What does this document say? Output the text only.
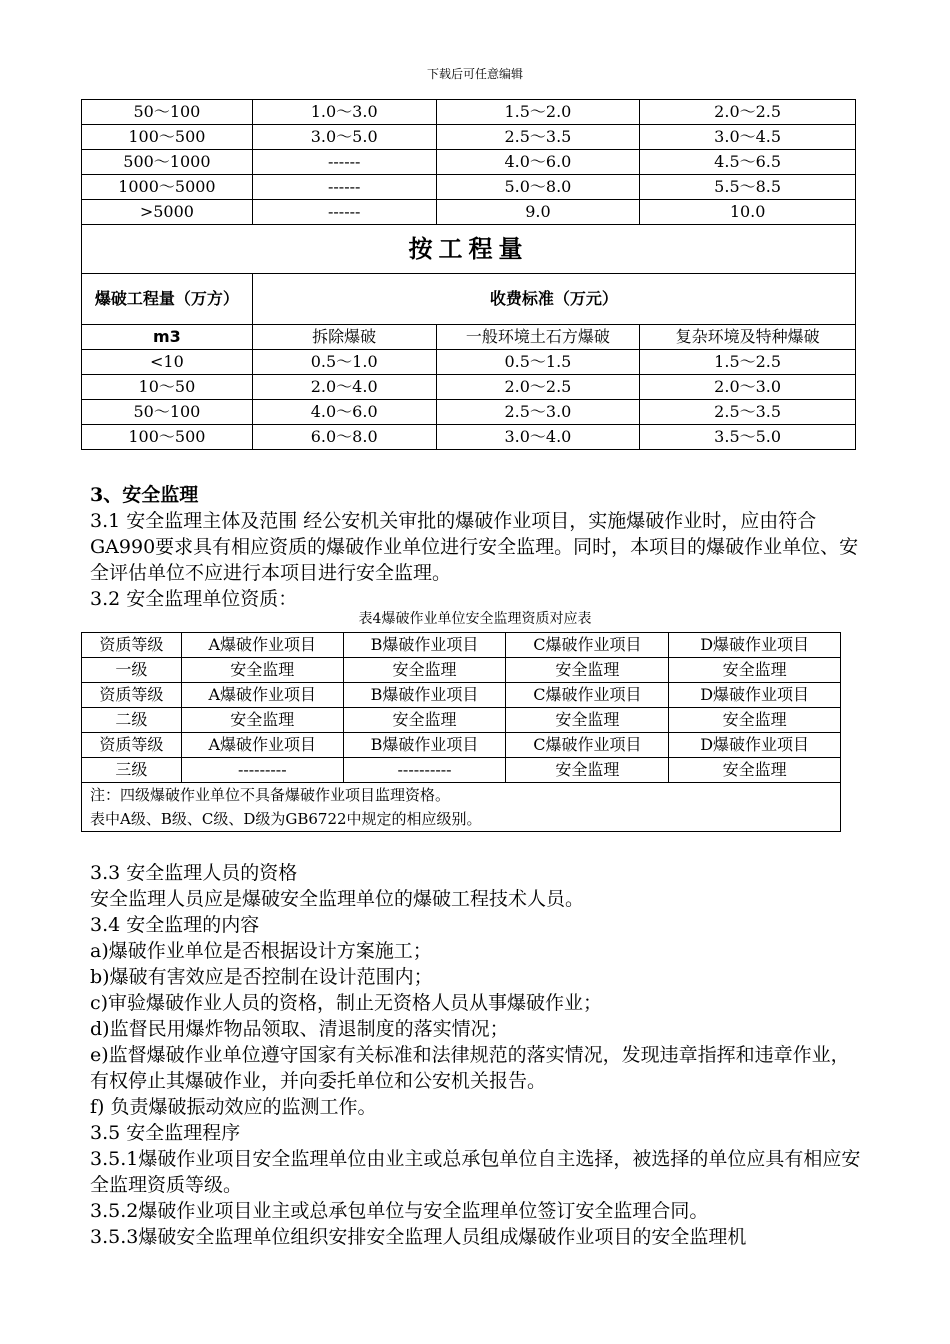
下载后可任意编辑
50～100	1.0～3.0	1.5～2.0	2.0～2.5
100～500	3.0～5.0	2.5～3.5	3.0～4.5
500～1000	------	4.0～6.0	4.5～6.5
1000～5000	------	5.0～8.0	5.5～8.5
>5000	------	9.0	10.0
按工程量			
爆破工程量（万方）	收费标准（万元）		
m3	拆除爆破	一般环境土石方爆破	复杂环境及特种爆破
<10	0.5～1.0	0.5～1.5	1.5～2.5
10～50	2.0～4.0	2.0～2.5	2.0～3.0
50～100	4.0～6.0	2.5～3.0	2.5～3.5
100～500	6.0～8.0	3.0～4.0	3.5～5.0

3、安全监理

3.1 安全监理主体及范围 经公安机关审批的爆破作业项目，实施爆破作业时，应由符合GA990要求具有相应资质的爆破作业单位进行安全监理。同时，本项目的爆破作业单位、安全评估单位不应进行本项目进行安全监理。

3.2 安全监理单位资质：

表4爆破作业单位安全监理资质对应表
资质等级	A爆破作业项目	B爆破作业项目	C爆破作业项目	D爆破作业项目
一级	安全监理	安全监理	安全监理	安全监理
资质等级	A爆破作业项目	B爆破作业项目	C爆破作业项目	D爆破作业项目
二级	安全监理	安全监理	安全监理	安全监理
资质等级	A爆破作业项目	B爆破作业项目	C爆破作业项目	D爆破作业项目
三级	---------	----------	安全监理	安全监理

注：四级爆破作业单位不具备爆破作业项目监理资格。
表中A级、B级、C级、D级为GB6722中规定的相应级别。				

3.3 安全监理人员的资格

安全监理人员应是爆破安全监理单位的爆破工程技术人员。

3.4 安全监理的内容

a)爆破作业单位是否根据设计方案施工；

b)爆破有害效应是否控制在设计范围内；

c)审验爆破作业人员的资格，制止无资格人员从事爆破作业；

d)监督民用爆炸物品领取、清退制度的落实情况；

e)监督爆破作业单位遵守国家有关标准和法律规范的落实情况，发现违章指挥和违章作业，有权停止其爆破作业，并向委托单位和公安机关报告。

f) 负责爆破振动效应的监测工作。

3.5 安全监理程序

3.5.1爆破作业项目安全监理单位由业主或总承包单位自主选择，被选择的单位应具有相应安全监理资质等级。

3.5.2爆破作业项目业主或总承包单位与安全监理单位签订安全监理合同。

3.5.3爆破安全监理单位组织安排安全监理人员组成爆破作业项目的安全监理机
